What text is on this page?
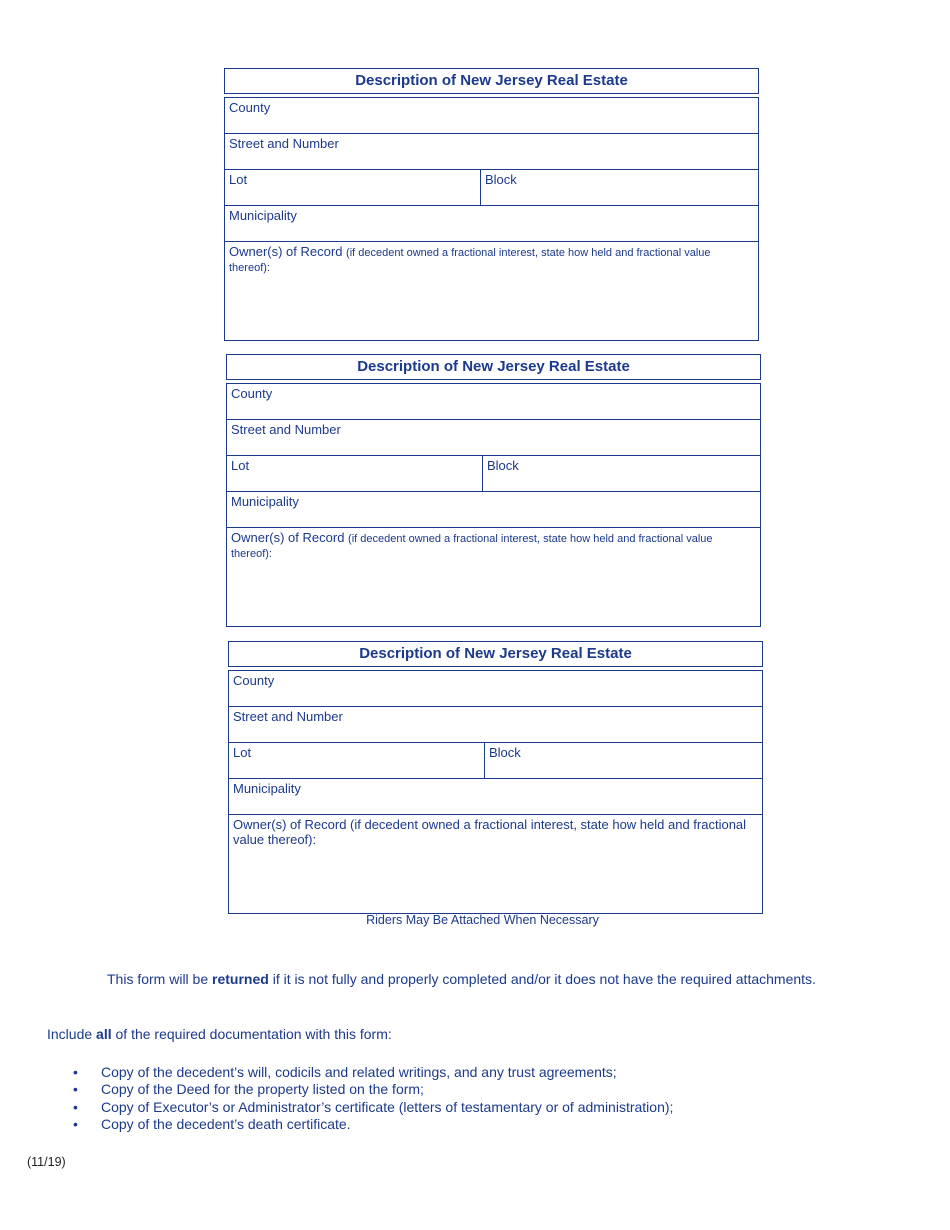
Description of New Jersey Real Estate
County
Street and Number
Lot	Block
Municipality
Owner(s) of Record (if decedent owned a fractional interest, state how held and fractional value thereof):
Description of New Jersey Real Estate
County
Street and Number
Lot	Block
Municipality
Owner(s) of Record (if decedent owned a fractional interest, state how held and fractional value thereof):
Description of New Jersey Real Estate
County
Street and Number
Lot	Block
Municipality
Owner(s) of Record (if decedent owned a fractional interest, state how held and fractional value thereof):
Riders May Be Attached When Necessary
This form will be returned if it is not fully and properly completed and/or it does not have the required attachments.
Include all of the required documentation with this form:
• Copy of the decedent’s will, codicils and related writings, and any trust agreements;
• Copy of the Deed for the property listed on the form;
• Copy of Executor’s or Administrator’s certificate (letters of testamentary or of administration);
• Copy of the decedent’s death certificate.
(11/19)
